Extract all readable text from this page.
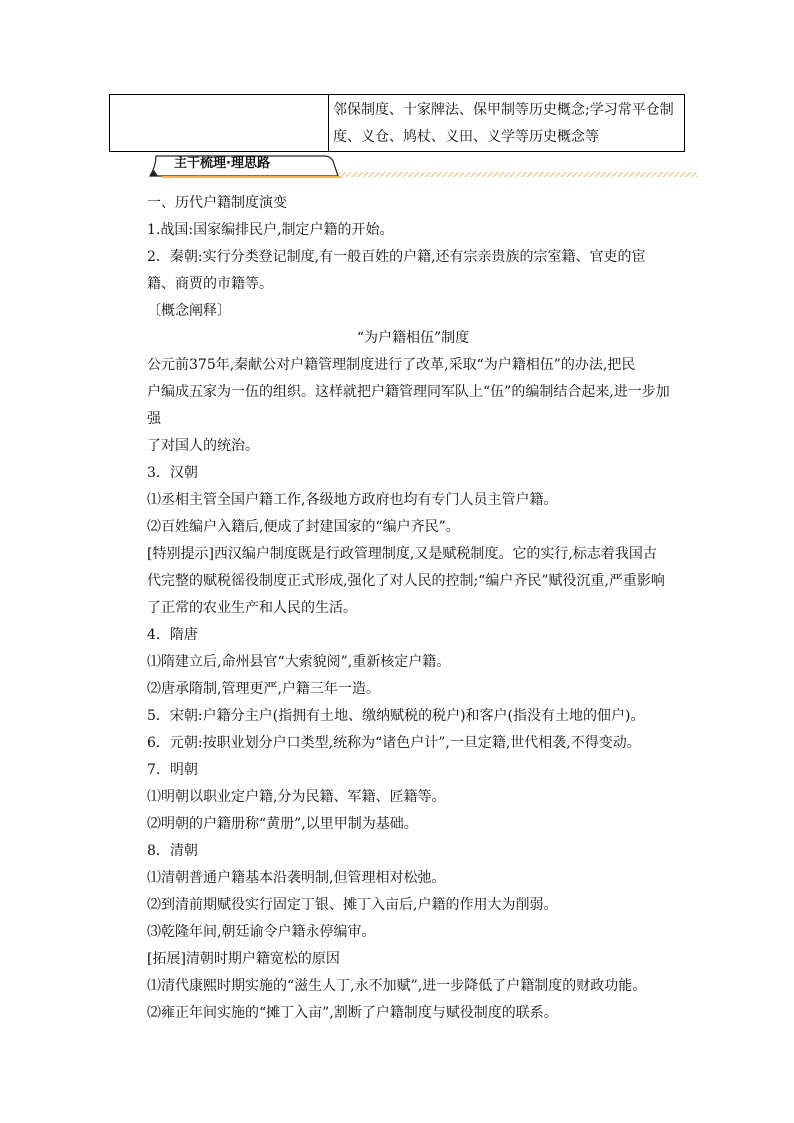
邻保制度、十家牌法、保甲制等历史概念;学习常平仓制
度、义仓、鸠杖、义田、义学等历史概念等
主干梳理·理思路

一、历代户籍制度演变

1.战国:国家编排民户,制定户籍的开始。

2．秦朝:实行分类登记制度,有一般百姓的户籍,还有宗亲贵族的宗室籍、官吏的宦

籍、商贾的市籍等。

〔概念阐释〕

“为户籍相伍”制度

公元前375年,秦献公对户籍管理制度进行了改革,采取“为户籍相伍”的办法,把民

户编成五家为一伍的组织。这样就把户籍管理同军队上“伍”的编制结合起来,进一步加强

了对国人的统治。

3．汉朝

⑴丞相主管全国户籍工作,各级地方政府也均有专门人员主管户籍。

⑵百姓编户入籍后,便成了封建国家的“编户齐民”。

[特别提示]西汉编户制度既是行政管理制度,又是赋税制度。它的实行,标志着我国古

代完整的赋税徭役制度正式形成,强化了对人民的控制;“编户齐民”赋役沉重,严重影响

了正常的农业生产和人民的生活。

4．隋唐

⑴隋建立后,命州县官“大索貌阅”,重新核定户籍。

⑵唐承隋制,管理更严,户籍三年一造。

5．宋朝:户籍分主户(指拥有土地、缴纳赋税的税户)和客户(指没有土地的佃户)。

6．元朝:按职业划分户口类型,统称为“诸色户计”,一旦定籍,世代相袭,不得变动。

7．明朝

⑴明朝以职业定户籍,分为民籍、军籍、匠籍等。

⑵明朝的户籍册称“黄册”,以里甲制为基础。

8．清朝

⑴清朝普通户籍基本沿袭明制,但管理相对松弛。

⑵到清前期赋役实行固定丁银、摊丁入亩后,户籍的作用大为削弱。

⑶乾隆年间,朝廷谕令户籍永停编审。

[拓展]清朝时期户籍宽松的原因

⑴清代康熙时期实施的“滋生人丁,永不加赋”,进一步降低了户籍制度的财政功能。

⑵雍正年间实施的“摊丁入亩”,割断了户籍制度与赋役制度的联系。
